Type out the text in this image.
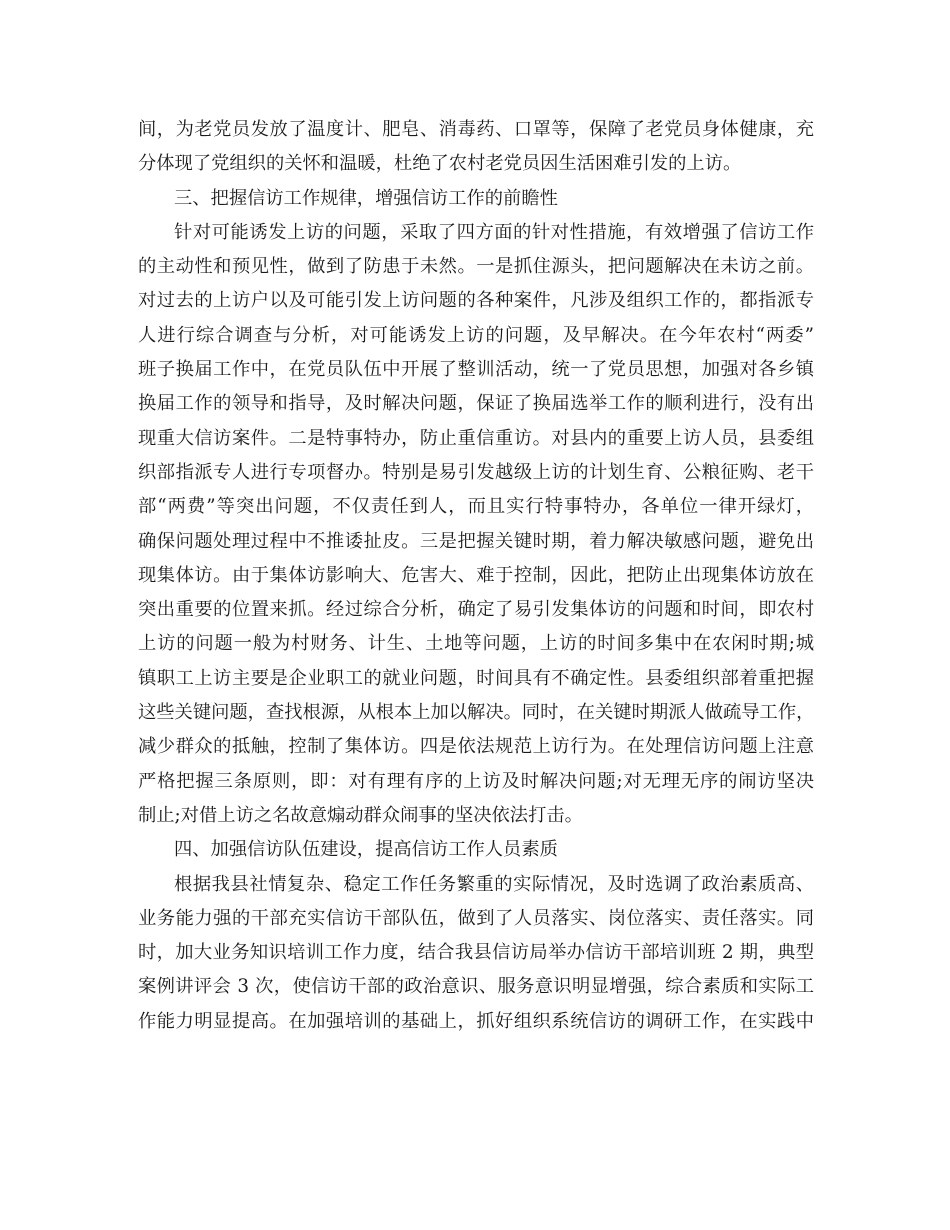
间，为老党员发放了温度计、肥皂、消毒药、口罩等，保障了老党员身体健康，充
分体现了党组织的关怀和温暖，杜绝了农村老党员因生活困难引发的上访。
三、把握信访工作规律，增强信访工作的前瞻性
针对可能诱发上访的问题，采取了四方面的针对性措施，有效增强了信访工作
的主动性和预见性，做到了防患于未然。一是抓住源头，把问题解决在未访之前。
对过去的上访户以及可能引发上访问题的各种案件，凡涉及组织工作的，都指派专
人进行综合调查与分析，对可能诱发上访的问题，及早解决。在今年农村“两委”
班子换届工作中，在党员队伍中开展了整训活动，统一了党员思想，加强对各乡镇
换届工作的领导和指导，及时解决问题，保证了换届选举工作的顺利进行，没有出
现重大信访案件。二是特事特办，防止重信重访。对县内的重要上访人员，县委组
织部指派专人进行专项督办。特别是易引发越级上访的计划生育、公粮征购、老干
部“两费”等突出问题，不仅责任到人，而且实行特事特办，各单位一律开绿灯，
确保问题处理过程中不推诿扯皮。三是把握关键时期，着力解决敏感问题，避免出
现集体访。由于集体访影响大、危害大、难于控制，因此，把防止出现集体访放在
突出重要的位置来抓。经过综合分析，确定了易引发集体访的问题和时间，即农村
上访的问题一般为村财务、计生、土地等问题，上访的时间多集中在农闲时期;城
镇职工上访主要是企业职工的就业问题，时间具有不确定性。县委组织部着重把握
这些关键问题，查找根源，从根本上加以解决。同时，在关键时期派人做疏导工作，
减少群众的抵触，控制了集体访。四是依法规范上访行为。在处理信访问题上注意
严格把握三条原则，即：对有理有序的上访及时解决问题;对无理无序的闹访坚决
制止;对借上访之名故意煽动群众闹事的坚决依法打击。
四、加强信访队伍建设，提高信访工作人员素质
根据我县社情复杂、稳定工作任务繁重的实际情况，及时选调了政治素质高、
业务能力强的干部充实信访干部队伍，做到了人员落实、岗位落实、责任落实。同
时，加大业务知识培训工作力度，结合我县信访局举办信访干部培训班 2 期，典型
案例讲评会 3 次，使信访干部的政治意识、服务意识明显增强，综合素质和实际工
作能力明显提高。在加强培训的基础上，抓好组织系统信访的调研工作，在实践中
